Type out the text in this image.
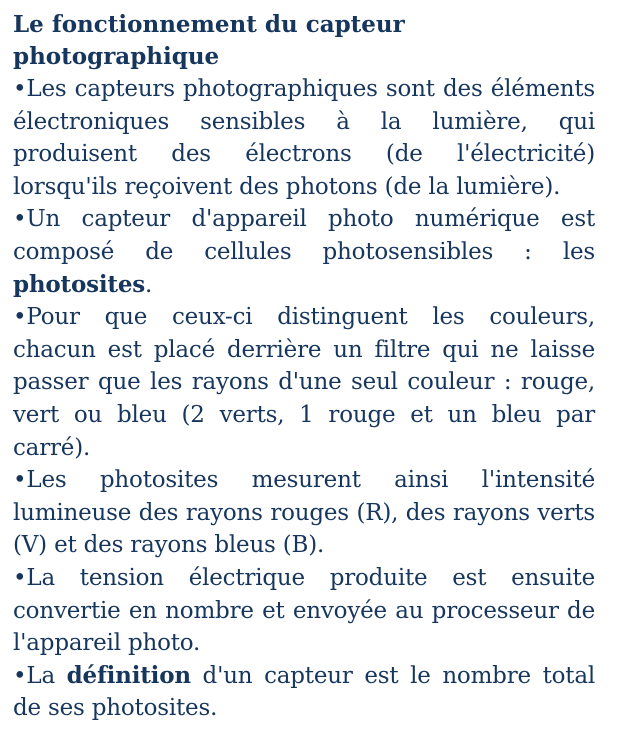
Le fonctionnement du capteur
photographique

•Les capteurs photographiques sont des éléments électroniques sensibles à la lumière, qui produisent des électrons (de l'électricité) lorsqu'ils reçoivent des photons (de la lumière).

•Un capteur d'appareil photo numérique est composé de cellules photosensibles : les photosites.

•Pour que ceux-ci distinguent les couleurs, chacun est placé derrière un filtre qui ne laisse passer que les rayons d'une seul couleur : rouge, vert ou bleu (2 verts, 1 rouge et un bleu par carré).

•Les photosites mesurent ainsi l'intensité lumineuse des rayons rouges (R), des rayons verts (V) et des rayons bleus (B).

•La tension électrique produite est ensuite convertie en nombre et envoyée au processeur de l'appareil photo.

•La définition d'un capteur est le nombre total de ses photosites.
